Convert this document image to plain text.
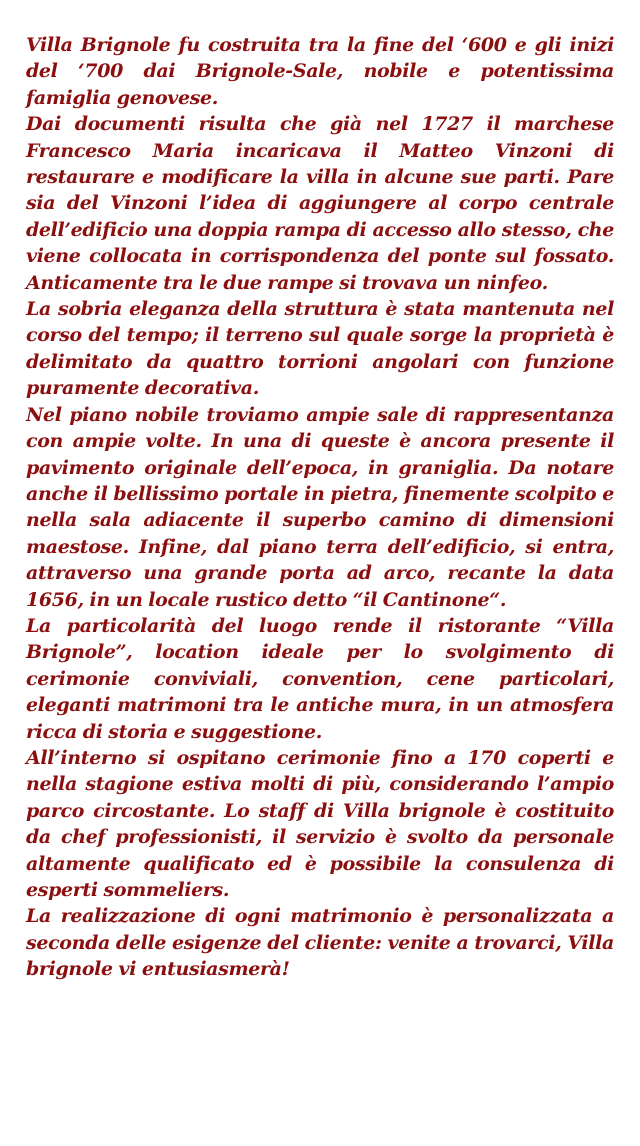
Villa Brignole fu costruita tra la fine del ‘600 e gli inizi del ‘700 dai Brignole-Sale, nobile e potentissima famiglia genovese.

Dai documenti risulta che già nel 1727 il marchese Francesco Maria incaricava il Matteo Vinzoni di restaurare e modificare la villa in alcune sue parti. Pare sia del Vinzoni l’idea di aggiungere al corpo centrale dell’edificio una doppia rampa di accesso allo stesso, che viene collocata in corrispondenza del ponte sul fossato. Anticamente tra le due rampe si trovava un ninfeo.

La sobria eleganza della struttura è stata mantenuta nel corso del tempo; il terreno sul quale sorge la proprietà è delimitato da quattro torrioni angolari con funzione puramente decorativa.

Nel piano nobile troviamo ampie sale di rappresentanza con ampie volte. In una di queste è ancora presente il pavimento originale dell’epoca, in graniglia. Da notare anche il bellissimo portale in pietra, finemente scolpito e nella sala adiacente il superbo camino di dimensioni maestose. Infine, dal piano terra dell’edificio, si entra, attraverso una grande porta ad arco, recante la data 1656, in un locale rustico detto “il Cantinone“.

La particolarità del luogo rende il ristorante “Villa Brignole”, location ideale per lo svolgimento di cerimonie conviviali, convention, cene particolari, eleganti matrimoni tra le antiche mura, in un atmosfera ricca di storia e suggestione.

All’interno si ospitano cerimonie fino a 170 coperti e nella stagione estiva molti di più, considerando l’ampio parco circostante. Lo staff di Villa brignole è costituito da chef professionisti, il servizio è svolto da personale altamente qualificato ed è possibile la consulenza di esperti sommeliers.

La realizzazione di ogni matrimonio è personalizzata a seconda delle esigenze del cliente: venite a trovarci, Villa brignole vi entusiasmerà!
